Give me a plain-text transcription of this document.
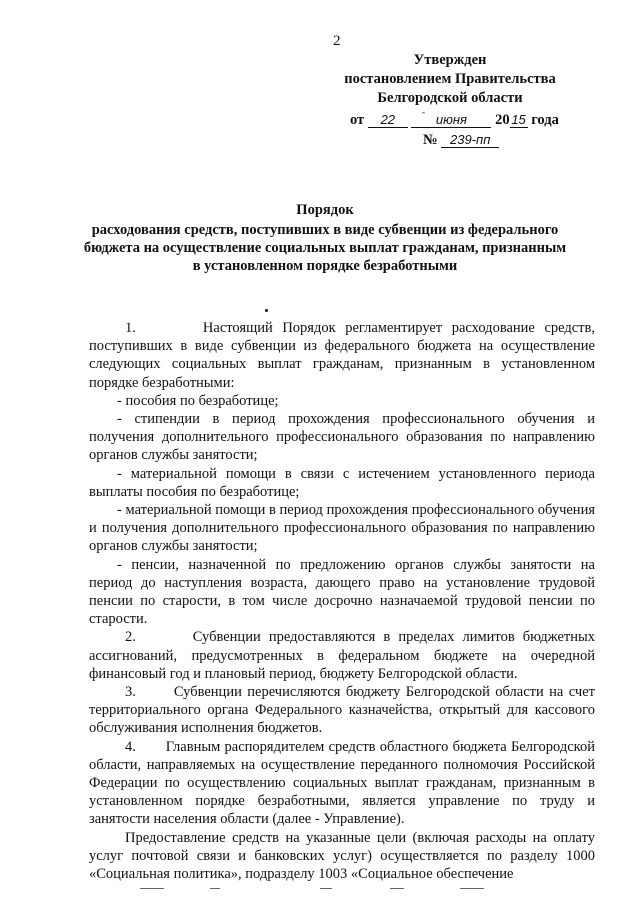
2
Утвержден
постановлением Правительства
Белгородской области
-
от 22	июня 20 15 года
№ 239-пп
Порядок
расходования средств, поступивших в виде субвенции из федерального
бюджета на осуществление социальных выплат гражданам, признанным
в установленном порядке безработными

1.       Настоящий Порядок регламентирует расходование средств, поступивших в виде субвенции из федерального бюджета на осуществление следующих социальных выплат гражданам, признанным в установленном порядке безработными:

- пособия по безработице;

- стипендии в период прохождения профессионального обучения и получения дополнительного профессионального образования по направлению органов службы занятости;

- материальной помощи в связи с истечением установленного периода выплаты пособия по безработице;

- материальной помощи в период прохождения профессионального обучения и получения дополнительного профессионального образования по направлению органов службы занятости;

- пенсии, назначенной по предложению органов службы занятости на период до наступления возраста, дающего право на установление трудовой пенсии по старости, в том числе досрочно назначаемой трудовой пенсии по старости.

2.       Субвенции предоставляются в пределах лимитов бюджетных ассигнований, предусмотренных в федеральном бюджете на очередной финансовый год и плановый период, бюджету Белгородской области.

3.       Субвенции перечисляются бюджету Белгородской области на счет территориального органа Федерального казначейства, открытый для кассового обслуживания исполнения бюджетов.

4.       Главным распорядителем средств областного бюджета Белгородской области, направляемых на осуществление переданного полномочия Российской Федерации по осуществлению социальных выплат гражданам, признанным в установленном порядке безработными, является управление по труду и занятости населения области (далее - Управление).

Предоставление средств на указанные цели (включая расходы на оплату услуг почтовой связи и банковских услуг) осуществляется по разделу 1000 «Социальная политика», подразделу 1003 «Социальное обеспечение
